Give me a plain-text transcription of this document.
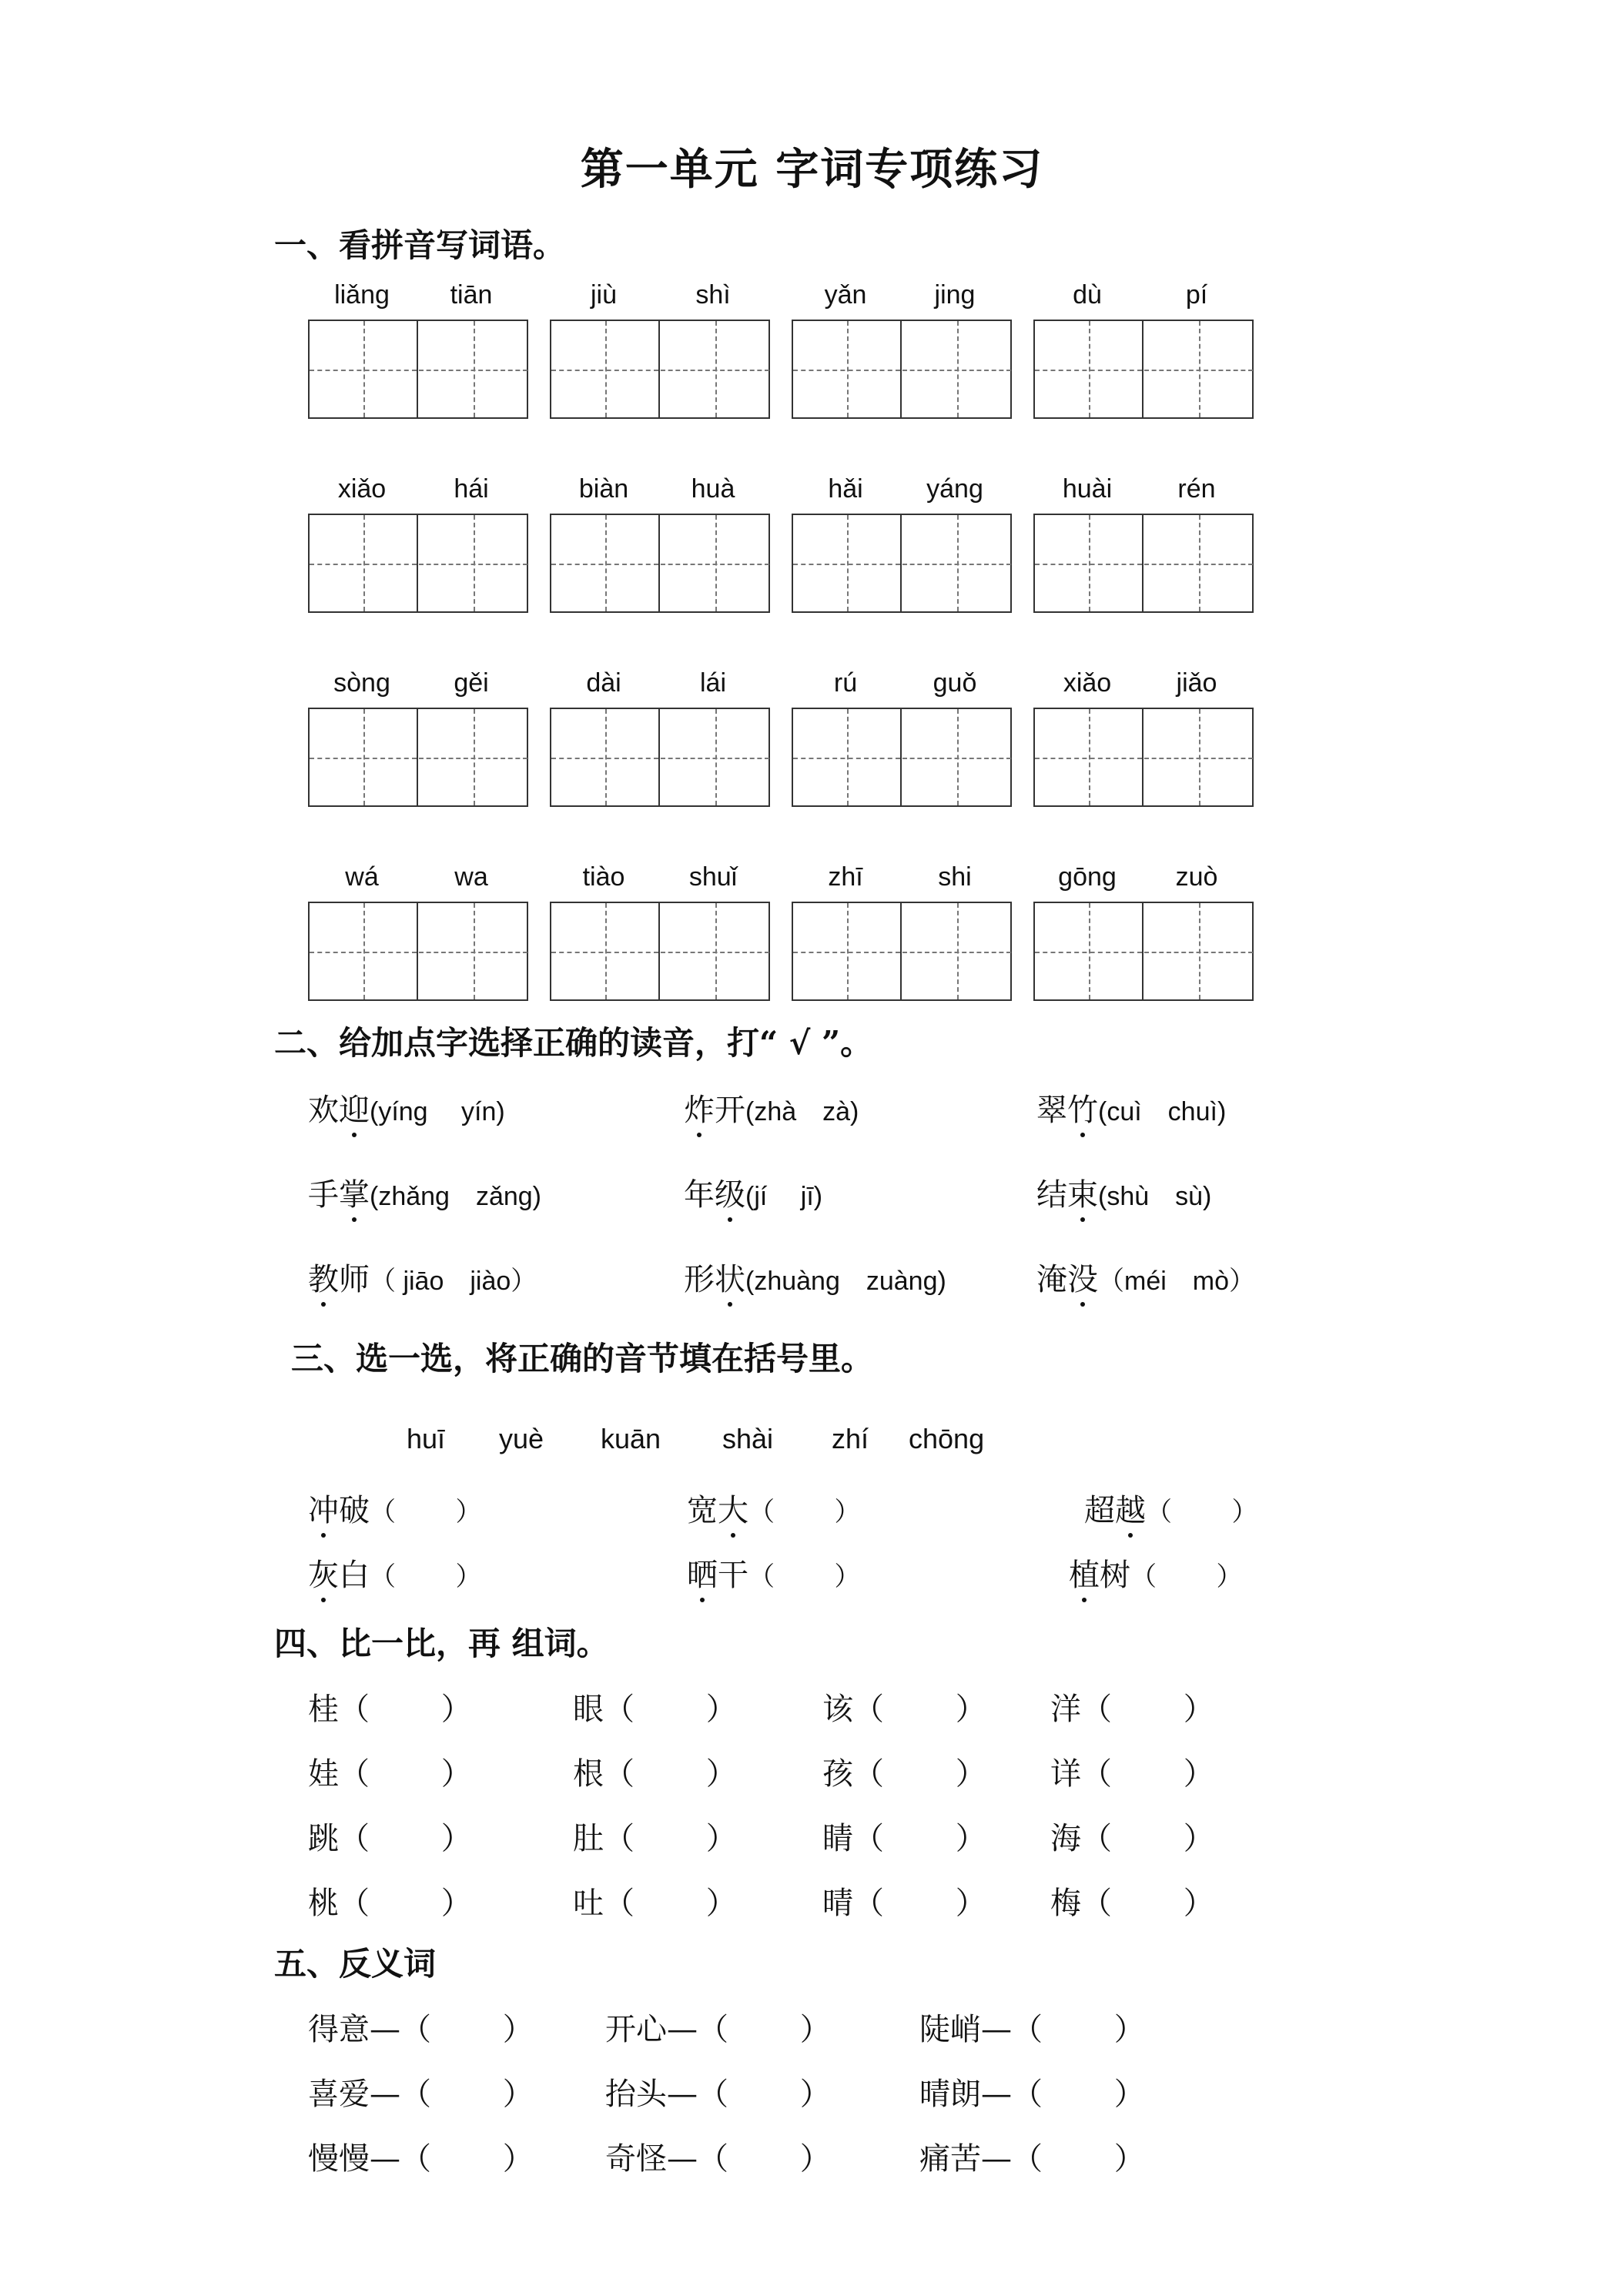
第一单元 字词专项练习
一、看拼音写词语。
liǎng	tiān	jiù	shì	yǎn	jing	dù	pí
xiǎo	hái	biàn	huà	hǎi	yáng	huài	rén
sòng	gěi	dài	lái	rú	guǒ	xiǎo	jiǎo
wá	wa	tiào	shuǐ	zhī	shi	gōng	zuò
二、给加点字选择正确的读音，打“ √ ”。
欢迎(yíng　 yín)	炸开(zhà　zà)	翠竹(cuì　chuì)
手掌(zhǎng　zǎng)	年级(jí　 jī)	结束(shù　sù)
教师（ jiāo　jiào）	形状(zhuàng　zuàng)	淹没（méi　mò）
三、选一选，将正确的音节填在括号里。
huī yuè kuān shài zhí chōng
冲破（　　 ）	宽大（　　 ）	超越（　　 ）
灰白（　　 ）	晒干（　　 ）	植树（　　 ）
四、比一比，再 组词。
桂（　　 ）	眼（　　 ）	该（　　 ） 洋（　　 ）
娃（　　 ）	根（　　 ）	孩（　　 ） 详（　　 ）
跳（　　 ）	肚（　　 ）	睛（　　 ） 海（　　 ）
桃（　　 ）	吐（　　 ）	晴（　　 ） 梅（　　 ）
五、反义词
得意—（　　 ） 开心—（　　 ）	陡峭—（　　 ）
喜爱—（　　 ） 抬头—（　　 ）	晴朗—（　　 ）
慢慢—（　　 ） 奇怪—（　　 ）	痛苦—（　　 ）
